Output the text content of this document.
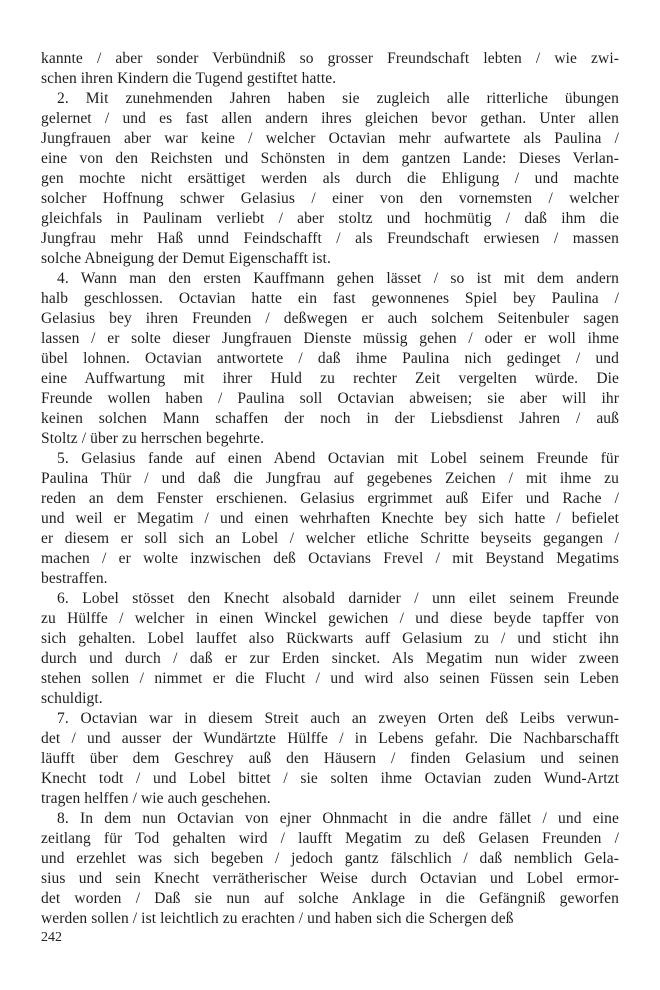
kannte / aber sonder Verbündniß so grosser Freundschaft lebten / wie zwi-
schen ihren Kindern die Tugend gestiftet hatte.

2. Mit zunehmenden Jahren haben sie zugleich alle ritterliche übungen
gelernet / und es fast allen andern ihres gleichen bevor gethan. Unter allen
Jungfrauen aber war keine / welcher Octavian mehr aufwartete als Paulina /
eine von den Reichsten und Schönsten in dem gantzen Lande: Dieses Verlan-
gen mochte nicht ersättiget werden als durch die Ehligung / und machte
solcher Hoffnung schwer Gelasius / einer von den vornemsten / welcher
gleichfals in Paulinam verliebt / aber stoltz und hochmütig / daß ihm die
Jungfrau mehr Haß unnd Feindschafft / als Freundschaft erwiesen / massen
solche Abneigung der Demut Eigenschafft ist.

4. Wann man den ersten Kauffmann gehen lässet / so ist mit dem andern
halb geschlossen. Octavian hatte ein fast gewonnenes Spiel bey Paulina /
Gelasius bey ihren Freunden / deßwegen er auch solchem Seitenbuler sagen
lassen / er solte dieser Jungfrauen Dienste müssig gehen / oder er woll ihme
übel lohnen. Octavian antwortete / daß ihme Paulina nich gedinget / und
eine Auffwartung mit ihrer Huld zu rechter Zeit vergelten würde. Die
Freunde wollen haben / Paulina soll Octavian abweisen; sie aber will ihr
keinen solchen Mann schaffen der noch in der Liebsdienst Jahren / auß
Stoltz / über zu herrschen begehrte.

5. Gelasius fande auf einen Abend Octavian mit Lobel seinem Freunde für
Paulina Thür / und daß die Jungfrau auf gegebenes Zeichen / mit ihme zu
reden an dem Fenster erschienen. Gelasius ergrimmet auß Eifer und Rache /
und weil er Megatim / und einen wehrhaften Knechte bey sich hatte / befielet
er diesem er soll sich an Lobel / welcher etliche Schritte beyseits gegangen /
machen / er wolte inzwischen deß Octavians Frevel / mit Beystand Megatims
bestraffen.

6. Lobel stösset den Knecht alsobald darnider / unn eilet seinem Freunde
zu Hülffe / welcher in einen Winckel gewichen / und diese beyde tapffer von
sich gehalten. Lobel lauffet also Rückwarts auff Gelasium zu / und sticht ihn
durch und durch / daß er zur Erden sincket. Als Megatim nun wider zween
stehen sollen / nimmet er die Flucht / und wird also seinen Füssen sein Leben
schuldigt.

7. Octavian war in diesem Streit auch an zweyen Orten deß Leibs verwun-
det / und ausser der Wundärtzte Hülffe / in Lebens gefahr. Die Nachbarschafft
läufft über dem Geschrey auß den Häusern / finden Gelasium und seinen
Knecht todt / und Lobel bittet / sie solten ihme Octavian zuden Wund-Artzt
tragen helffen / wie auch geschehen.

8. In dem nun Octavian von ejner Ohnmacht in die andre fället / und eine
zeitlang für Tod gehalten wird / laufft Megatim zu deß Gelasen Freunden /
und erzehlet was sich begeben / jedoch gantz fälschlich / daß nemblich Gela-
sius und sein Knecht verrätherischer Weise durch Octavian und Lobel ermor-
det worden / Daß sie nun auf solche Anklage in die Gefängniß geworfen
werden sollen / ist leichtlich zu erachten / und haben sich die Schergen deß

242
